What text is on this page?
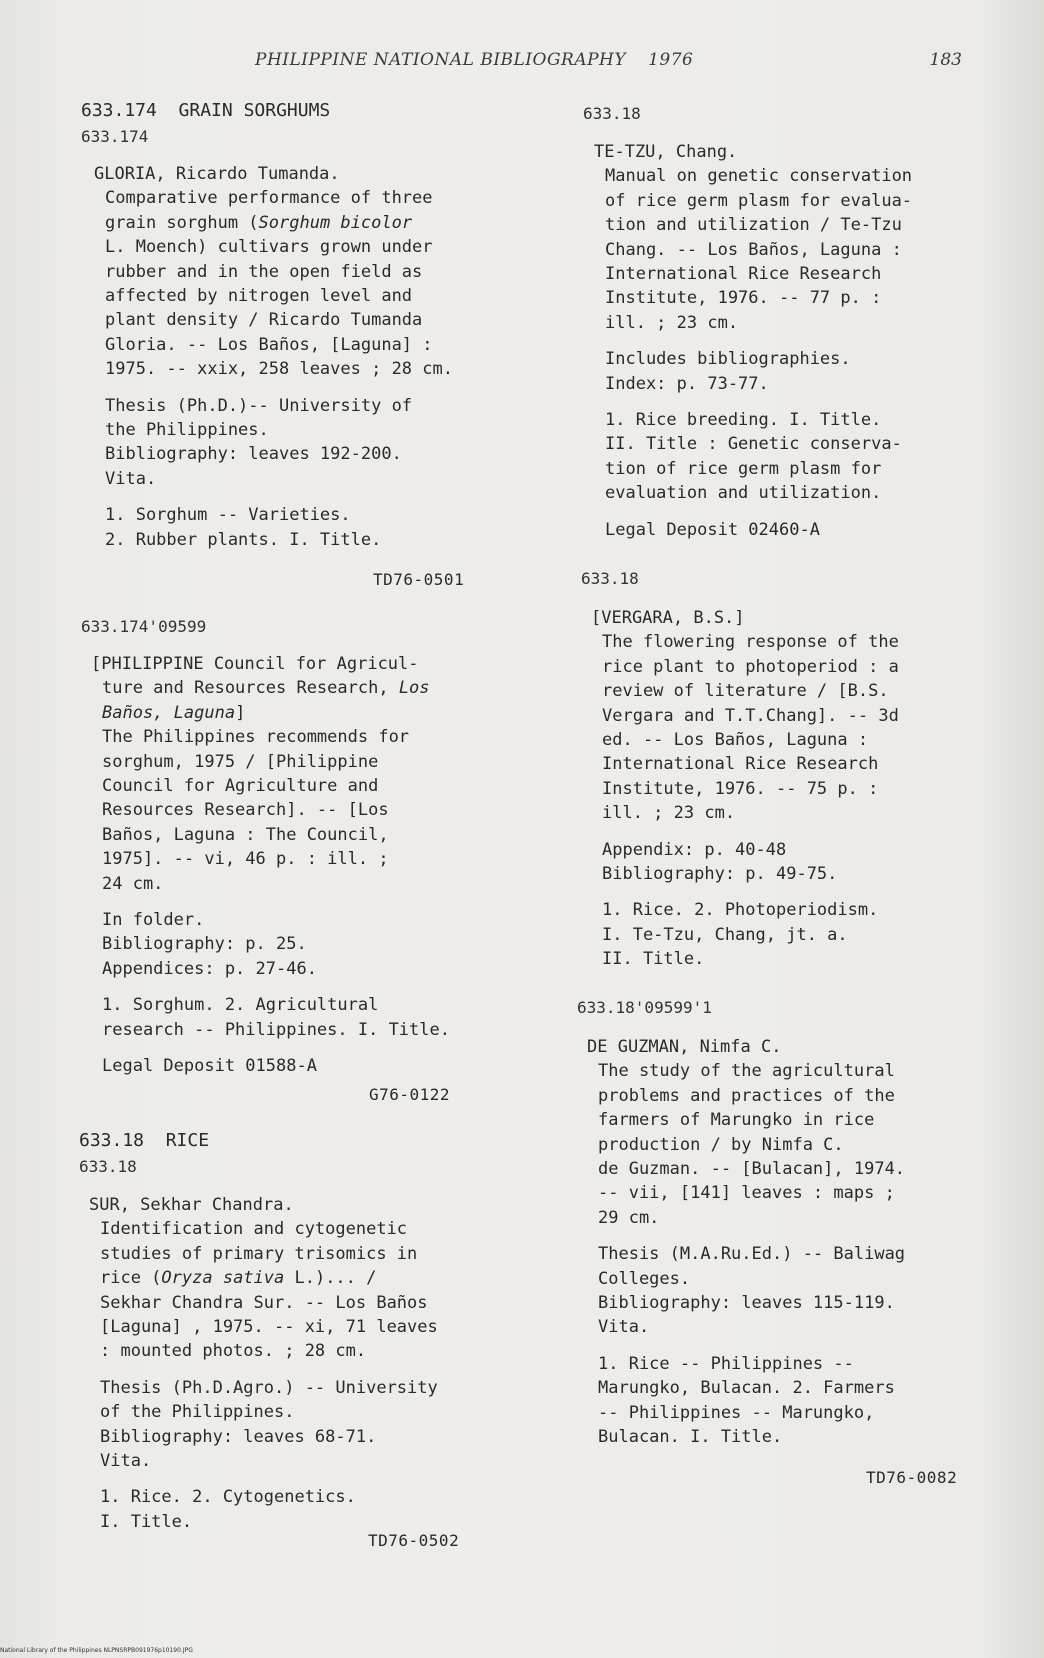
PHILIPPINE NATIONAL BIBLIOGRAPHY 1976	183
633.174 GRAIN SORGHUMS
633.174
GLORIA, Ricardo Tumanda.
Comparative performance of three
grain sorghum (Sorghum bicolor
L. Moench) cultivars grown under
rubber and in the open field as
affected by nitrogen level and
plant density / Ricardo Tumanda
Gloria. -- Los Baños, [Laguna] :
1975. -- xxix, 258 leaves ; 28 cm.
Thesis (Ph.D.)-- University of
the Philippines.
Bibliography: leaves 192-200.
Vita.
1. Sorghum -- Varieties.
2. Rubber plants. I. Title.
TD76-0501
633.174'09599
[PHILIPPINE Council for Agricul-
ture and Resources Research, Los
Baños, Laguna]
The Philippines recommends for
sorghum, 1975 / [Philippine
Council for Agriculture and
Resources Research]. -- [Los
Baños, Laguna : The Council,
1975]. -- vi, 46 p. : ill. ;
24 cm.
In folder.
Bibliography: p. 25.
Appendices: p. 27-46.
1. Sorghum. 2. Agricultural
research -- Philippines. I. Title.
Legal Deposit 01588-A
G76-0122
633.18 RICE
633.18
SUR, Sekhar Chandra.
Identification and cytogenetic
studies of primary trisomics in
rice (Oryza sativa L.)... /
Sekhar Chandra Sur. -- Los Baños
[Laguna] , 1975. -- xi, 71 leaves
: mounted photos. ; 28 cm.
Thesis (Ph.D.Agro.) -- University
of the Philippines.
Bibliography: leaves 68-71.
Vita.
1. Rice. 2. Cytogenetics.
I. Title.
TD76-0502
633.18
TE-TZU, Chang.
Manual on genetic conservation
of rice germ plasm for evalua-
tion and utilization / Te-Tzu
Chang. -- Los Baños, Laguna :
International Rice Research
Institute, 1976. -- 77 p. :
ill. ; 23 cm.
Includes bibliographies.
Index: p. 73-77.
1. Rice breeding. I. Title.
II. Title : Genetic conserva-
tion of rice germ plasm for
evaluation and utilization.
Legal Deposit 02460-A
633.18
[VERGARA, B.S.]
The flowering response of the
rice plant to photoperiod : a
review of literature / [B.S.
Vergara and T.T.Chang]. -- 3d
ed. -- Los Baños, Laguna :
International Rice Research
Institute, 1976. -- 75 p. :
ill. ; 23 cm.
Appendix: p. 40-48
Bibliography: p. 49-75.
1. Rice. 2. Photoperiodism.
I. Te-Tzu, Chang, jt. a.
II. Title.
633.18'09599'1
DE GUZMAN, Nimfa C.
The study of the agricultural
problems and practices of the
farmers of Marungko in rice
production / by Nimfa C.
de Guzman. -- [Bulacan], 1974.
-- vii, [141] leaves : maps ;
29 cm.
Thesis (M.A.Ru.Ed.) -- Baliwag
Colleges.
Bibliography: leaves 115-119.
Vita.
1. Rice -- Philippines --
Marungko, Bulacan. 2. Farmers
-- Philippines -- Marungko,
Bulacan. I. Title.
TD76-0082
National Library of the Philippines NLPNSRPB091976p10190.JPG
